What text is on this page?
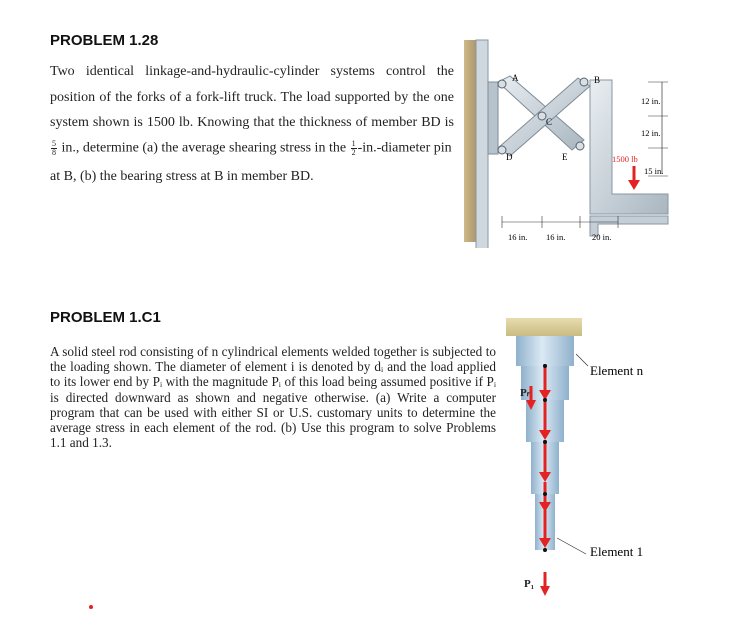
PROBLEM 1.28

Two identical linkage-and-hydraulic-cylinder systems control the

position of the forks of a fork-lift truck. The load supported by the one

system shown is 1500 lb. Knowing that the thickness of member BD is

$\frac{5}{8}$ in., determine (a) the average shearing stress in the $\frac{1}{2}$ -in.-diameter pin

at B, (b) the bearing stress at B in member BD.

A	B
C
D	E
12 in.
12 in.
15 in.
1500 lb
16 in. 16 in.	20 in.
PROBLEM 1.C1

A solid steel rod consisting of n cylindrical elements welded together is subjected to the loading shown. The diameter of element i is denoted by dᵢ and the load applied to its lower end by Pᵢ with the magnitude Pᵢ of this load being assumed positive if Pᵢ is directed downward as shown and negative otherwise. (a) Write a computer program that can be used with either SI or U.S. customary units to determine the average stress in each element of the rod. (b) Use this program to solve Problems 1.1 and 1.3.

Pₙ
P₁
Element n
Element 1
